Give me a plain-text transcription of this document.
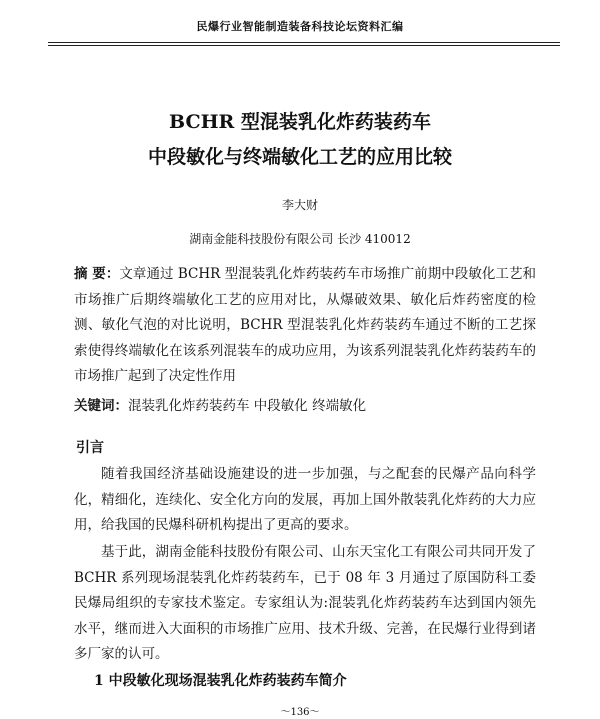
民爆行业智能制造装备科技论坛资料汇编
BCHR 型混装乳化炸药装药车
中段敏化与终端敏化工艺的应用比较
李大财
湖南金能科技股份有限公司 长沙 410012
摘 要：文章通过 BCHR 型混装乳化炸药装药车市场推广前期中段敏化工艺和市场推广后期终端敏化工艺的应用对比，从爆破效果、敏化后炸药密度的检测、敏化气泡的对比说明，BCHR 型混装乳化炸药装药车通过不断的工艺探索使得终端敏化在该系列混装车的成功应用，为该系列混装乳化炸药装药车的市场推广起到了决定性作用
关键词：混装乳化炸药装药车 中段敏化 终端敏化
引言
随着我国经济基础设施建设的进一步加强，与之配套的民爆产品向科学化，精细化，连续化、安全化方向的发展，再加上国外散装乳化炸药的大力应用，给我国的民爆科研机构提出了更高的要求。
基于此，湖南金能科技股份有限公司、山东天宝化工有限公司共同开发了 BCHR 系列现场混装乳化炸药装药车，已于 08 年 3 月通过了原国防科工委民爆局组织的专家技术鉴定。专家组认为:混装乳化炸药装药车达到国内领先水平，继而进入大面积的市场推广应用、技术升级、完善，在民爆行业得到诸多厂家的认可。
1 中段敏化现场混装乳化炸药装药车简介
～136～
